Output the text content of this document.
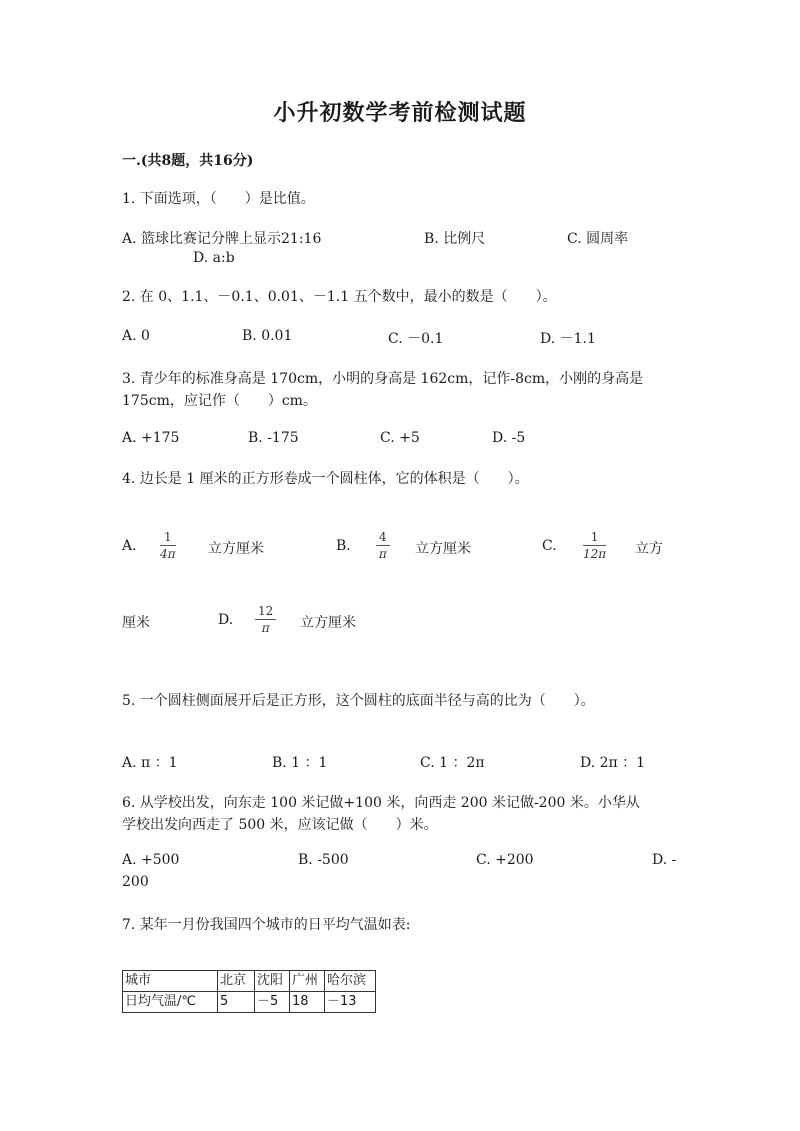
小升初数学考前检测试题
一.(共8题，共16分)
1. 下面选项，（　　）是比值。
A. 篮球比赛记分牌上显示21:16	B. 比例尺	C. 圆周率
D. a:b
2. 在 0、1.1、－0.1、0.01、－1.1 五个数中，最小的数是（　　）。
A. 0	B. 0.01	C. －0.1	D. －1.1
3. 青少年的标准身高是 170cm，小明的身高是 162cm，记作-8cm，小刚的身高是
175cm，应记作（　　）cm。
A. +175	B. -175	C. +5	D. -5
4. 边长是 1 厘米的正方形卷成一个圆柱体，它的体积是（　　）。
A.
1
4π 立方厘米	B.
4
π 立方厘米	C.
1
12π 立方
厘米	D.
12
π 立方厘米
5. 一个圆柱侧面展开后是正方形，这个圆柱的底面半径与高的比为（　　）。
A. π ：1	B. 1 ：1	C. 1 ：2π	D. 2π ：1
6. 从学校出发，向东走 100 米记做+100 米，向西走 200 米记做-200 米。小华从
学校出发向西走了 500 米，应该记做（　　）米。
A. +500	B. -500	C. +200	D. -
200
7. 某年一月份我国四个城市的日平均气温如表:
城市	北京	沈阳	广州	哈尔滨
日均气温/℃	5	－5	18	－13
